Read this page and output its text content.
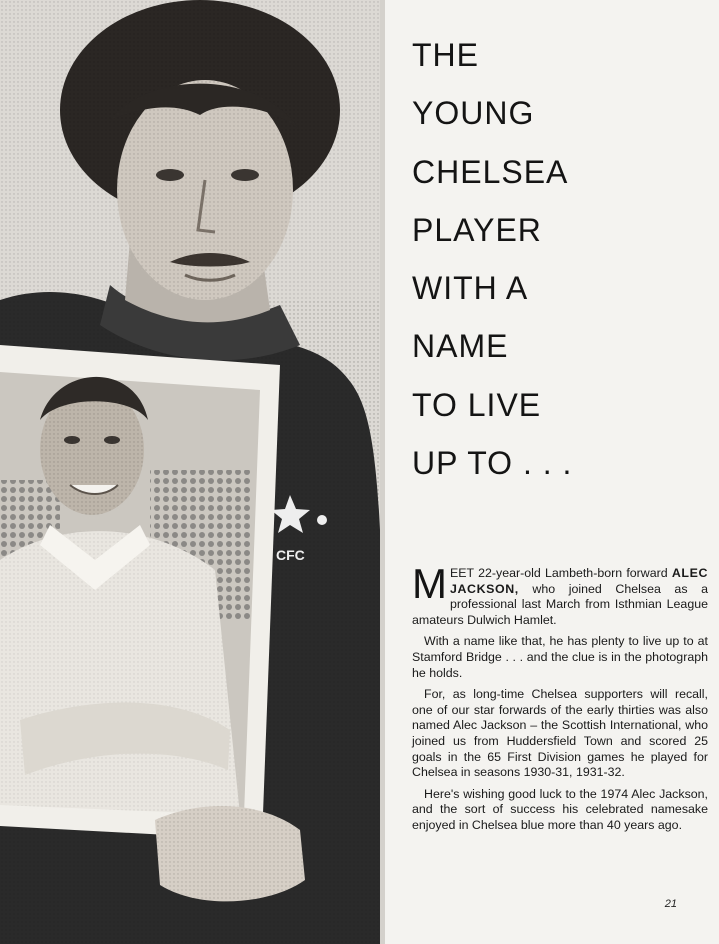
CFC
THE
YOUNG
CHELSEA
PLAYER
WITH A
NAME
TO LIVE
UP TO . . .

MEET 22-year-old Lambeth-born forward ALEC JACKSON, who joined Chelsea as a professional last March from Isthmian League amateurs Dulwich Hamlet.

With a name like that, he has plenty to live up to at Stamford Bridge . . . and the clue is in the photograph he holds.

For, as long-time Chelsea supporters will recall, one of our star forwards of the early thirties was also named Alec Jackson – the Scottish International, who joined us from Huddersfield Town and scored 25 goals in the 65 First Division games he played for Chelsea in seasons 1930-31, 1931-32.

Here's wishing good luck to the 1974 Alec Jackson, and the sort of success his celebrated namesake enjoyed in Chelsea blue more than 40 years ago.

21
